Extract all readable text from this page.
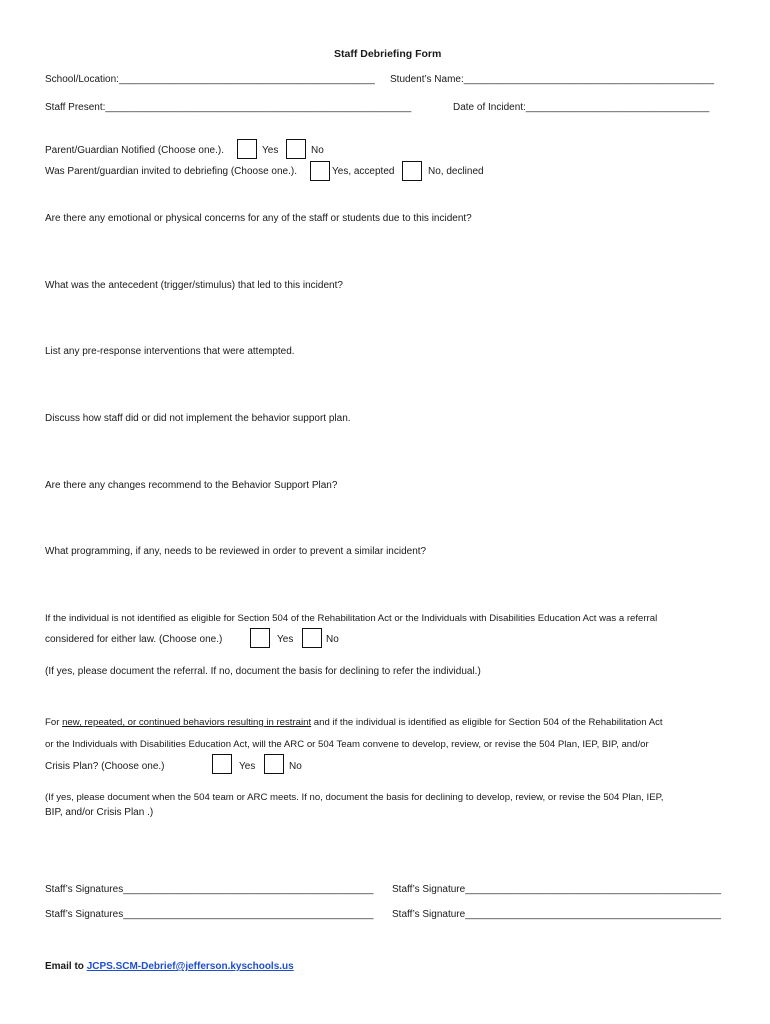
Staff Debriefing Form
School/Location:______________________________________________ Student’s Name:_____________________________________________
Staff Present:_______________________________________________________	Date of Incident:_________________________________
Parent/Guardian Notified (Choose one.).	Yes	No
Was Parent/guardian invited to debriefing (Choose one.).	Yes, accepted	No, declined
Are there any emotional or physical concerns for any of the staff or students due to this incident?
What was the antecedent (trigger/stimulus) that led to this incident?
List any pre-response interventions that were attempted.
Discuss how staff did or did not implement the behavior support plan.
Are there any changes recommend to the Behavior Support Plan?
What programming, if any, needs to be reviewed in order to prevent a similar incident?
If the individual is not identified as eligible for Section 504 of the Rehabilitation Act or the Individuals with Disabilities Education Act was a referral
considered for either law. (Choose one.)	Yes	No
(If yes, please document the referral. If no, document the basis for declining to refer the individual.)
For new, repeated, or continued behaviors resulting in restraint and if the individual is identified as eligible for Section 504 of the Rehabilitation Act
or the Individuals with Disabilities Education Act, will the ARC or 504 Team convene to develop, review, or revise the 504 Plan, IEP, BIP, and/or
Crisis Plan? (Choose one.)	Yes	No
(If yes, please document when the 504 team or ARC meets. If no, document the basis for declining to develop, review, or revise the 504 Plan, IEP,
BIP, and/or Crisis Plan .)
Staff’s Signatures_____________________________________________ Staff’s Signature______________________________________________
Staff’s Signatures_____________________________________________ Staff’s Signature______________________________________________
Email to JCPS.SCM-Debrief@jefferson.kyschools.us
